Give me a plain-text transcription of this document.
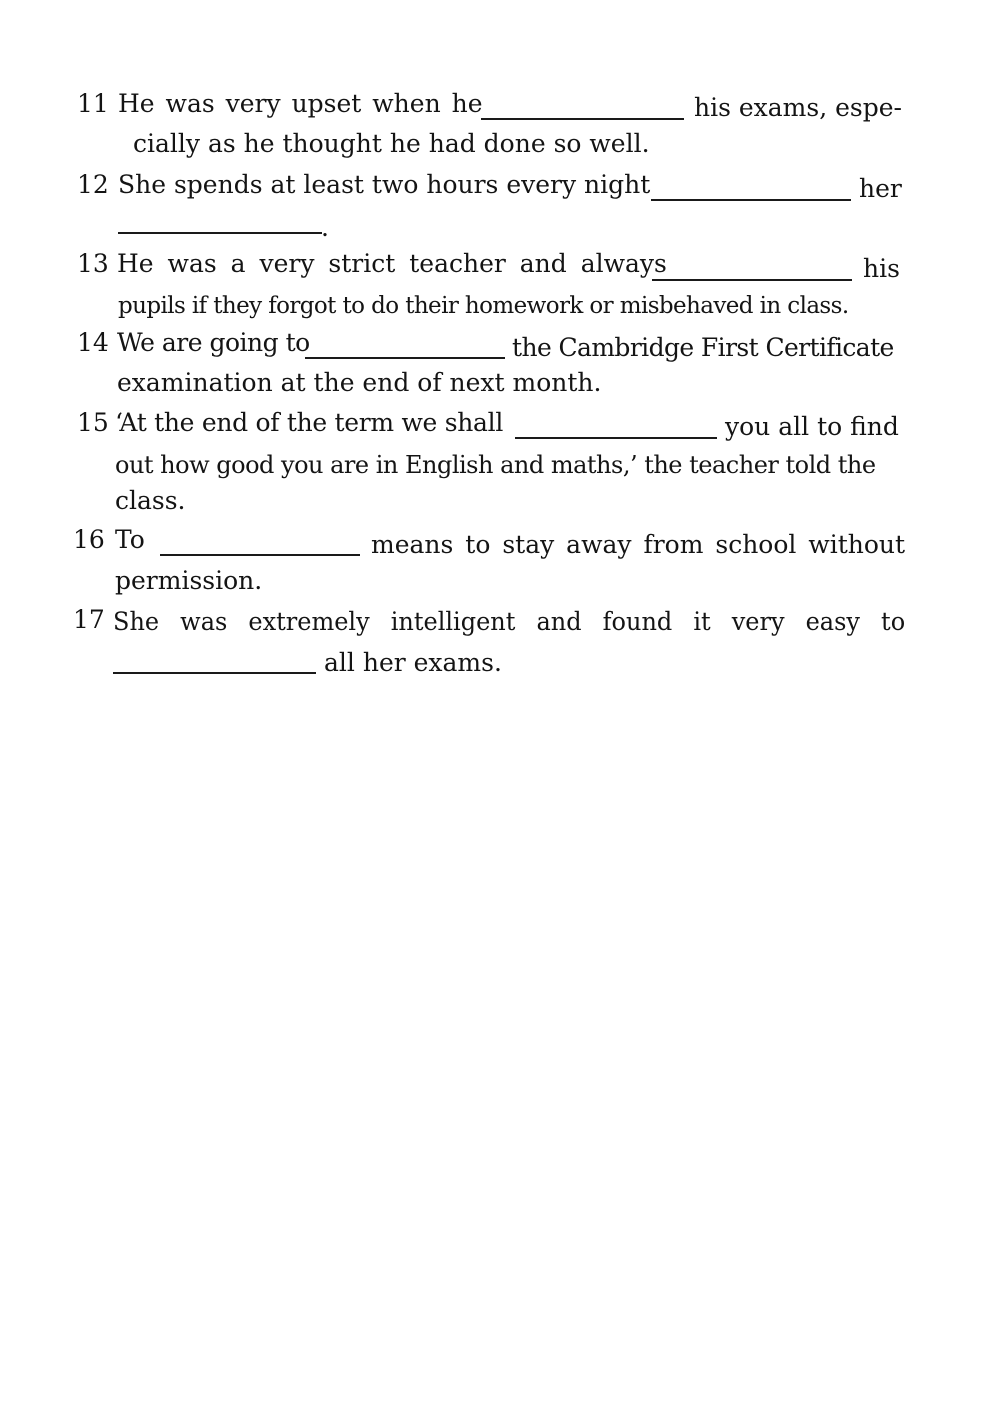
11 He was very upset when he	his exams, espe-
cially as he thought he had done so well.
12 She spends at least two hours every night	her
.
13 He was a very strict teacher and always	his
pupils if they forgot to do their homework or misbehaved in class.
14 We are going to	the Cambridge First Certificate
examination at the end of next month.
15 ‘At the end of the term we shall	you all to find
out how good you are in English and maths,’ the teacher told the
class.
16 To	means to stay away from school without
permission.
17 She was extremely intelligent and found it very easy to
all her exams.
